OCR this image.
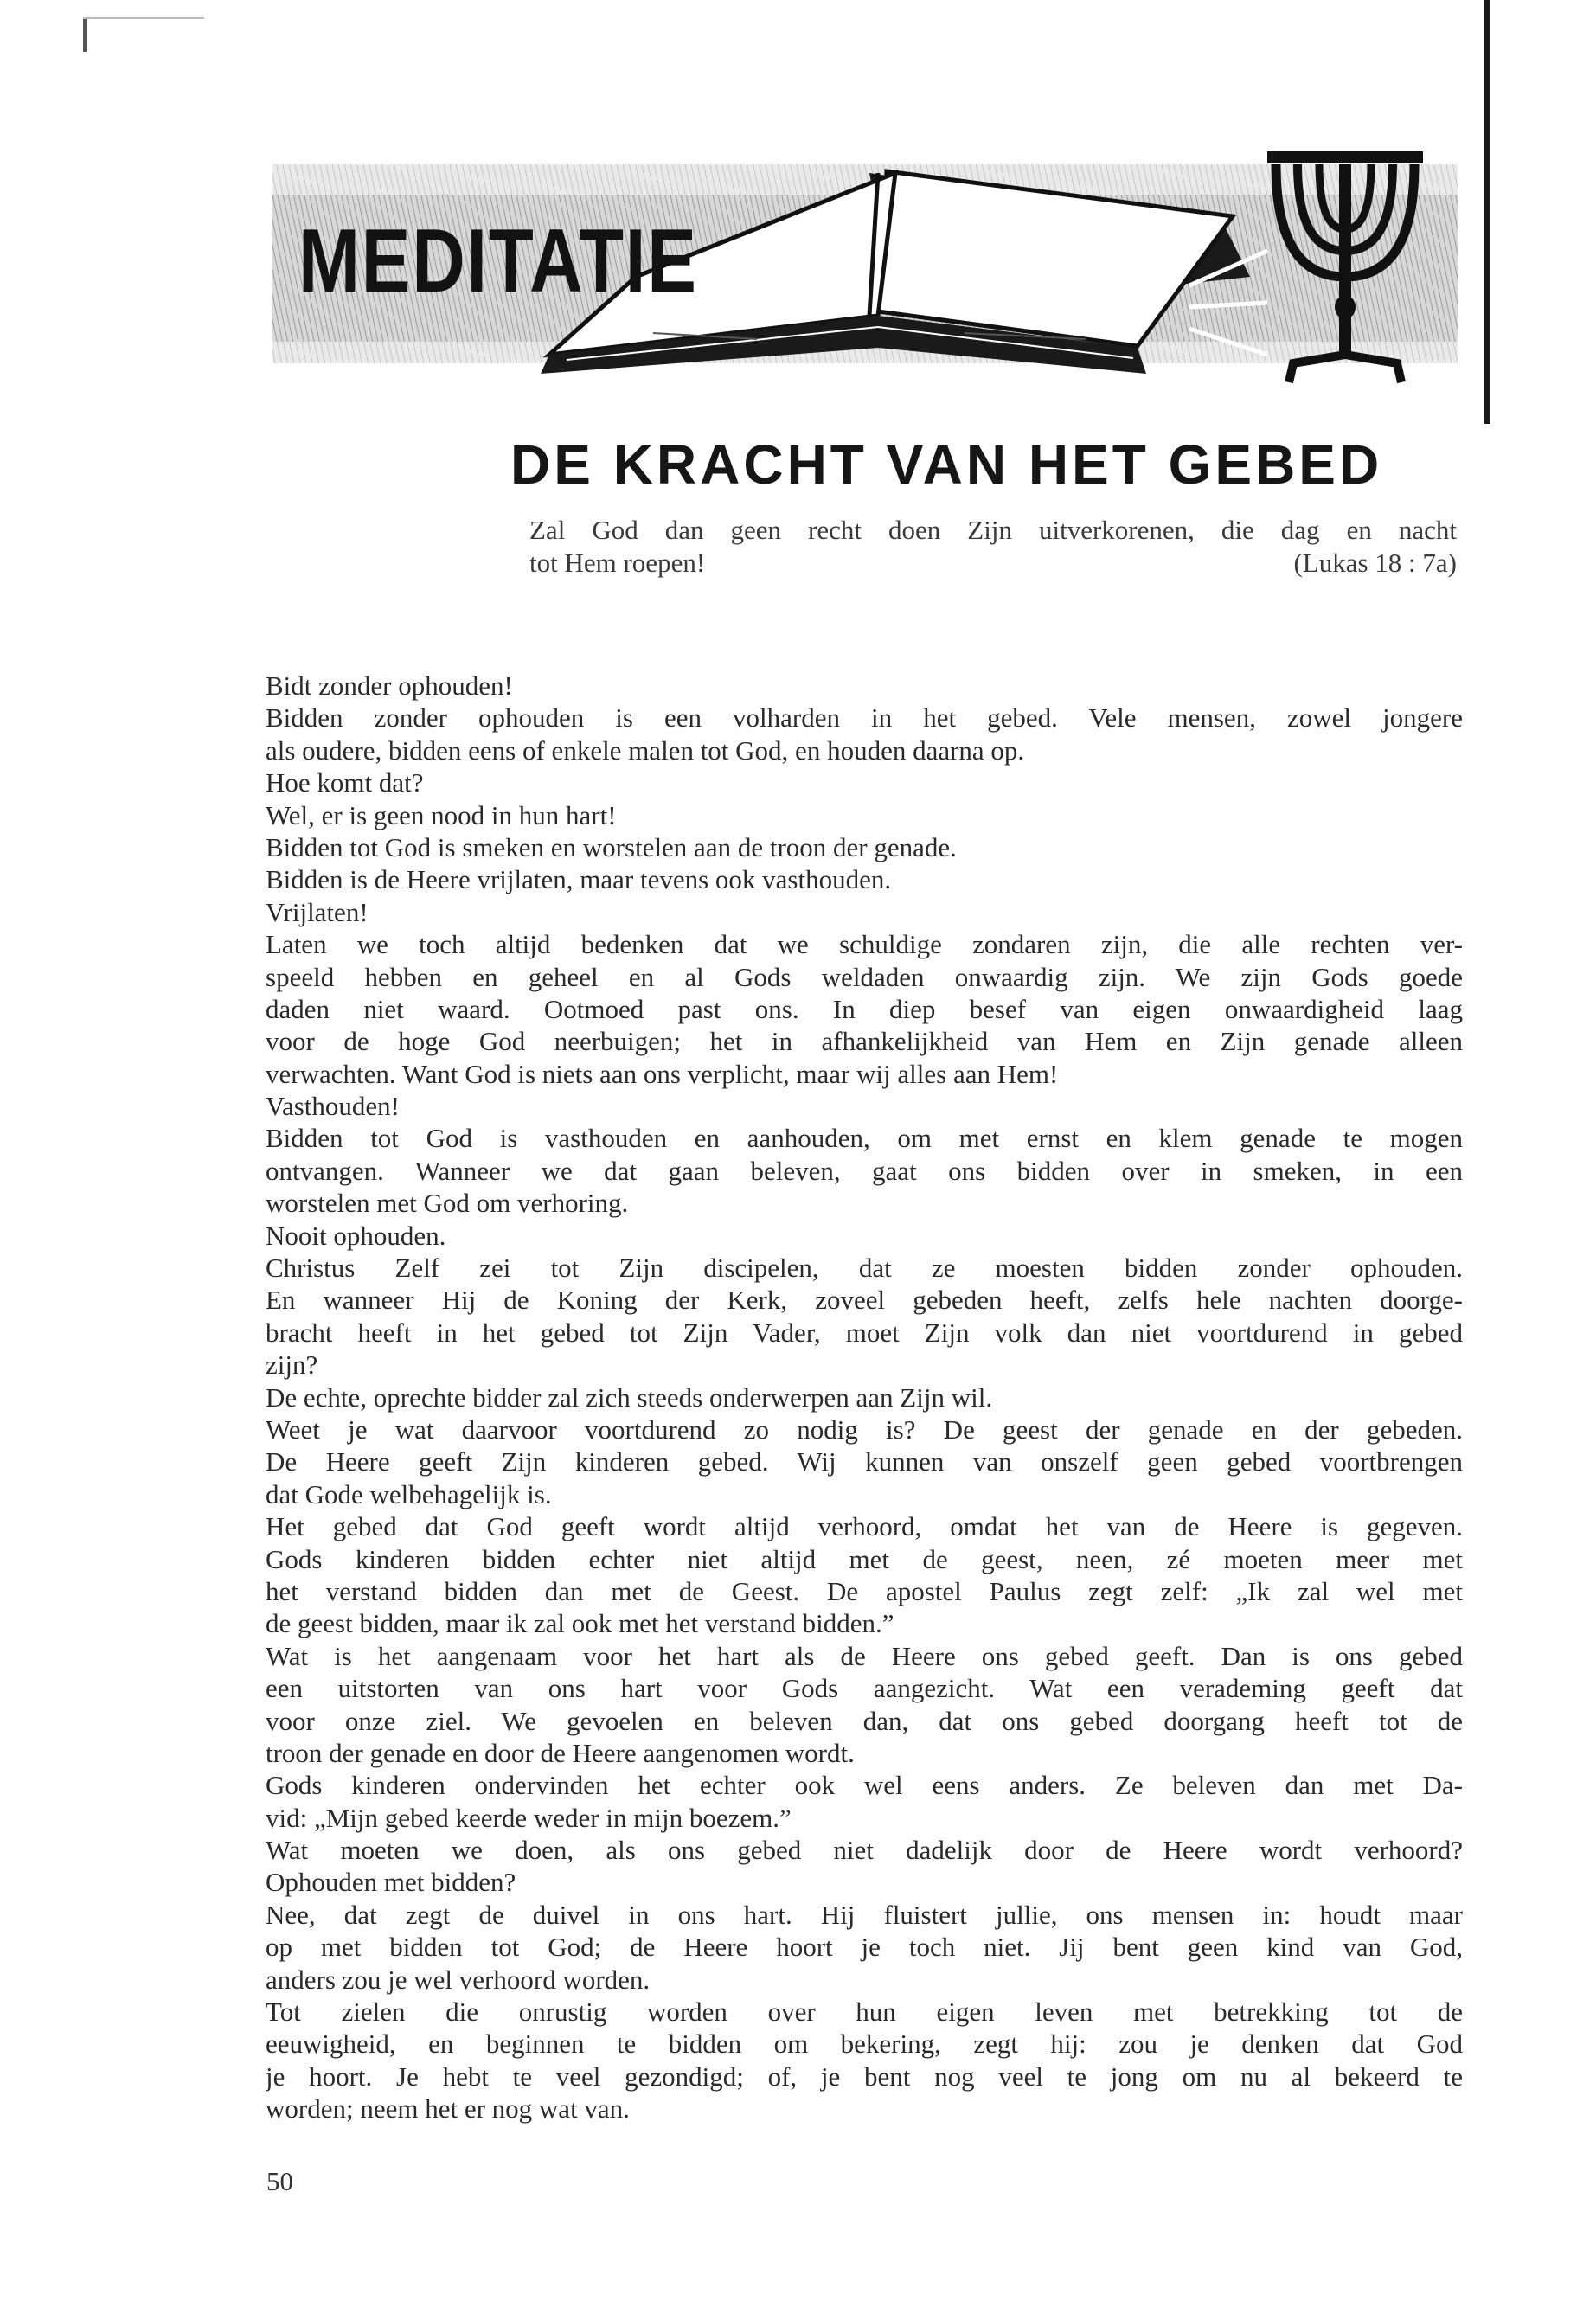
MEDITATIE
DE KRACHT VAN HET GEBED
Zal God dan geen recht doen Zijn uitverkorenen, die dag en nacht
tot Hem roepen!	(Lukas 18 : 7a)
Bidt zonder ophouden!
Bidden zonder ophouden is een volharden in het gebed. Vele mensen, zowel jongere
als oudere, bidden eens of enkele malen tot God, en houden daarna op.
Hoe komt dat?
Wel, er is geen nood in hun hart!
Bidden tot God is smeken en worstelen aan de troon der genade.
Bidden is de Heere vrijlaten, maar tevens ook vasthouden.
Vrijlaten!
Laten we toch altijd bedenken dat we schuldige zondaren zijn, die alle rechten ver-
speeld hebben en geheel en al Gods weldaden onwaardig zijn. We zijn Gods goede
daden niet waard. Ootmoed past ons. In diep besef van eigen onwaardigheid laag
voor de hoge God neerbuigen; het in afhankelijkheid van Hem en Zijn genade alleen
verwachten. Want God is niets aan ons verplicht, maar wij alles aan Hem!
Vasthouden!
Bidden tot God is vasthouden en aanhouden, om met ernst en klem genade te mogen
ontvangen. Wanneer we dat gaan beleven, gaat ons bidden over in smeken, in een
worstelen met God om verhoring.
Nooit ophouden.
Christus Zelf zei tot Zijn discipelen, dat ze moesten bidden zonder ophouden.
En wanneer Hij de Koning der Kerk, zoveel gebeden heeft, zelfs hele nachten doorge-
bracht heeft in het gebed tot Zijn Vader, moet Zijn volk dan niet voortdurend in gebed
zijn?
De echte, oprechte bidder zal zich steeds onderwerpen aan Zijn wil.
Weet je wat daarvoor voortdurend zo nodig is? De geest der genade en der gebeden.
De Heere geeft Zijn kinderen gebed. Wij kunnen van onszelf geen gebed voortbrengen
dat Gode welbehagelijk is.
Het gebed dat God geeft wordt altijd verhoord, omdat het van de Heere is gegeven.
Gods kinderen bidden echter niet altijd met de geest, neen, zé moeten meer met
het verstand bidden dan met de Geest. De apostel Paulus zegt zelf: „Ik zal wel met
de geest bidden, maar ik zal ook met het verstand bidden.”
Wat is het aangenaam voor het hart als de Heere ons gebed geeft. Dan is ons gebed
een uitstorten van ons hart voor Gods aangezicht. Wat een verademing geeft dat
voor onze ziel. We gevoelen en beleven dan, dat ons gebed doorgang heeft tot de
troon der genade en door de Heere aangenomen wordt.
Gods kinderen ondervinden het echter ook wel eens anders. Ze beleven dan met Da-
vid: „Mijn gebed keerde weder in mijn boezem.”
Wat moeten we doen, als ons gebed niet dadelijk door de Heere wordt verhoord?
Ophouden met bidden?
Nee, dat zegt de duivel in ons hart. Hij fluistert jullie, ons mensen in: houdt maar
op met bidden tot God; de Heere hoort je toch niet. Jij bent geen kind van God,
anders zou je wel verhoord worden.
Tot zielen die onrustig worden over hun eigen leven met betrekking tot de
eeuwigheid, en beginnen te bidden om bekering, zegt hij: zou je denken dat God
je hoort. Je hebt te veel gezondigd; of, je bent nog veel te jong om nu al bekeerd te
worden; neem het er nog wat van.
50
